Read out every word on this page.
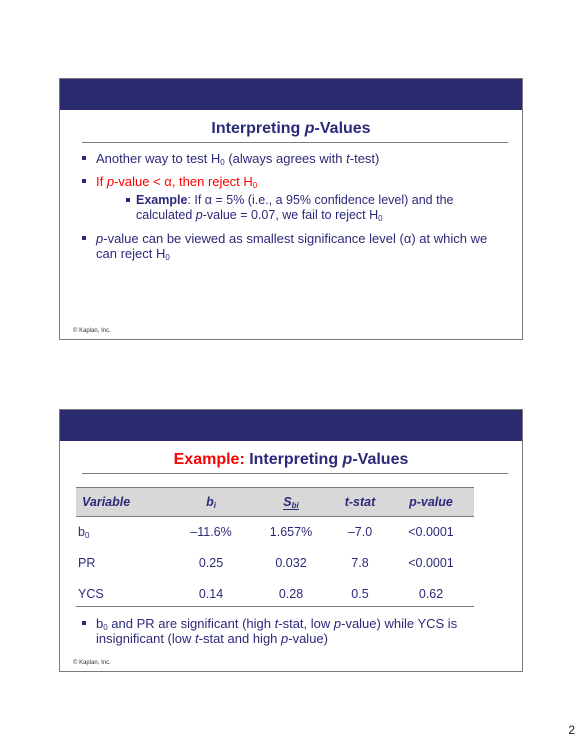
Interpreting p-Values
Another way to test $H_0$ (always agrees with t-test)
If p-value < α, then reject $H_0$
Example: If α = 5% (i.e., a 95% confidence level) and the calculated p-value = 0.07, we fail to reject $H_0$
p-value can be viewed as smallest significance level (α) at which we can reject $H_0$
© Kaplan, Inc.
Example: Interpreting p-Values
Variable	$b_i$	$S_{bi}$	t-stat	p-value
$b_0$	–11.6%	1.657%	–7.0	<0.0001
PR	0.25	0.032	7.8	<0.0001
YCS	0.14	0.28	0.5	0.62
$b_0$ and PR are significant (high t-stat, low p-value) while YCS is insignificant (low t-stat and high p-value)
© Kaplan, Inc.
2
